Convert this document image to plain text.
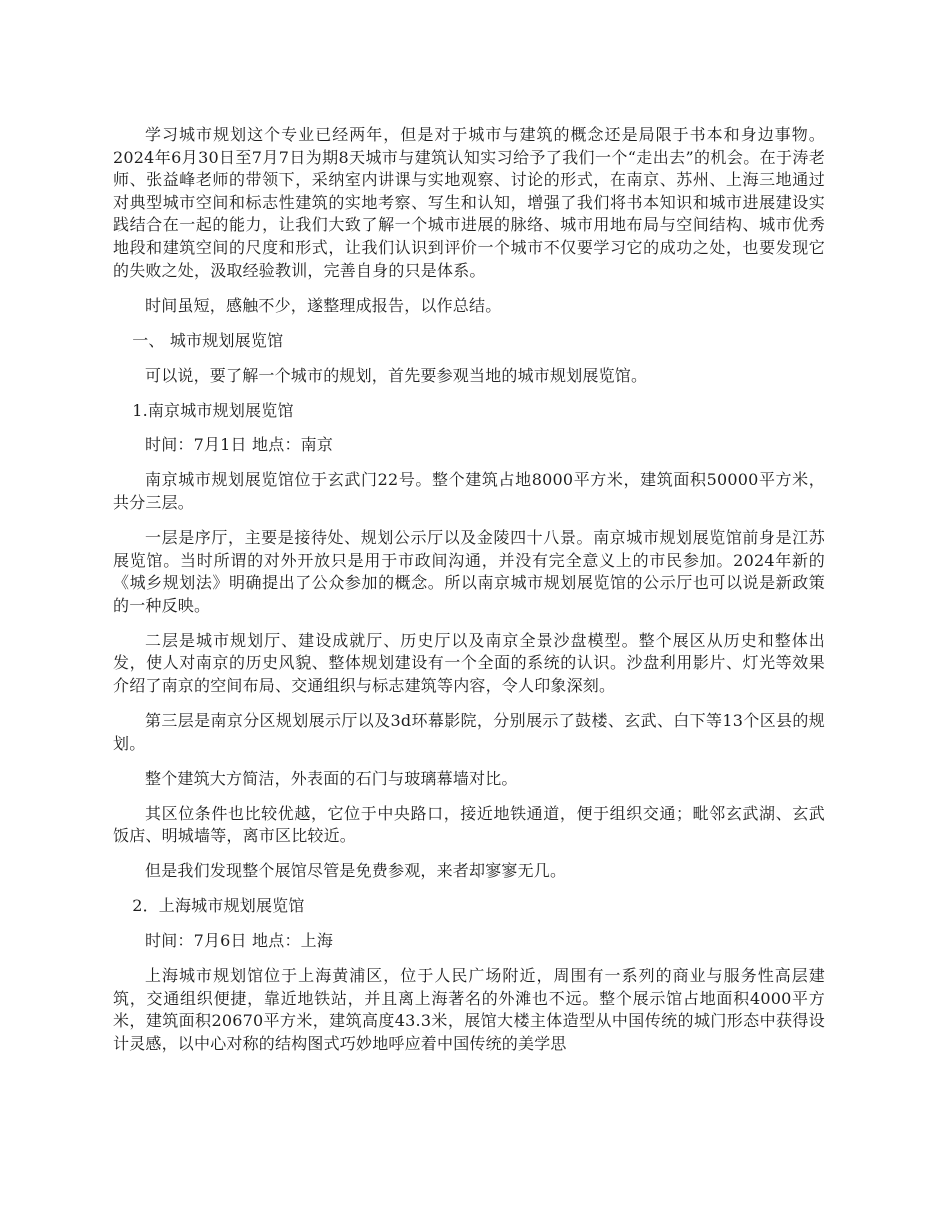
学习城市规划这个专业已经两年，但是对于城市与建筑的概念还是局限于书本和身边事物。2024年6月30日至7月7日为期8天城市与建筑认知实习给予了我们一个“走出去”的机会。在于涛老师、张益峰老师的带领下，采纳室内讲课与实地观察、讨论的形式，在南京、苏州、上海三地通过对典型城市空间和标志性建筑的实地考察、写生和认知，增强了我们将书本知识和城市进展建设实践结合在一起的能力，让我们大致了解一个城市进展的脉络、城市用地布局与空间结构、城市优秀地段和建筑空间的尺度和形式，让我们认识到评价一个城市不仅要学习它的成功之处，也要发现它的失败之处，汲取经验教训，完善自身的只是体系。

时间虽短，感触不少，遂整理成报告，以作总结。

一、 城市规划展览馆

可以说，要了解一个城市的规划，首先要参观当地的城市规划展览馆。

1.南京城市规划展览馆

时间：7月1日 地点：南京

南京城市规划展览馆位于玄武门22号。整个建筑占地8000平方米，建筑面积50000平方米，共分三层。

一层是序厅，主要是接待处、规划公示厅以及金陵四十八景。南京城市规划展览馆前身是江苏展览馆。当时所谓的对外开放只是用于市政间沟通，并没有完全意义上的市民参加。2024年新的《城乡规划法》明确提出了公众参加的概念。所以南京城市规划展览馆的公示厅也可以说是新政策的一种反映。

二层是城市规划厅、建设成就厅、历史厅以及南京全景沙盘模型。整个展区从历史和整体出发，使人对南京的历史风貌、整体规划建设有一个全面的系统的认识。沙盘利用影片、灯光等效果介绍了南京的空间布局、交通组织与标志建筑等内容，令人印象深刻。

第三层是南京分区规划展示厅以及3d环幕影院，分别展示了鼓楼、玄武、白下等13个区县的规划。

整个建筑大方简洁，外表面的石门与玻璃幕墙对比。

其区位条件也比较优越，它位于中央路口，接近地铁通道，便于组织交通；毗邻玄武湖、玄武饭店、明城墙等，离市区比较近。

但是我们发现整个展馆尽管是免费参观，来者却寥寥无几。

2．上海城市规划展览馆

时间：7月6日 地点：上海

上海城市规划馆位于上海黄浦区，位于人民广场附近，周围有一系列的商业与服务性高层建筑，交通组织便捷，靠近地铁站，并且离上海著名的外滩也不远。整个展示馆占地面积4000平方米，建筑面积20670平方米，建筑高度43.3米，展馆大楼主体造型从中国传统的城门形态中获得设计灵感，以中心对称的结构图式巧妙地呼应着中国传统的美学思
